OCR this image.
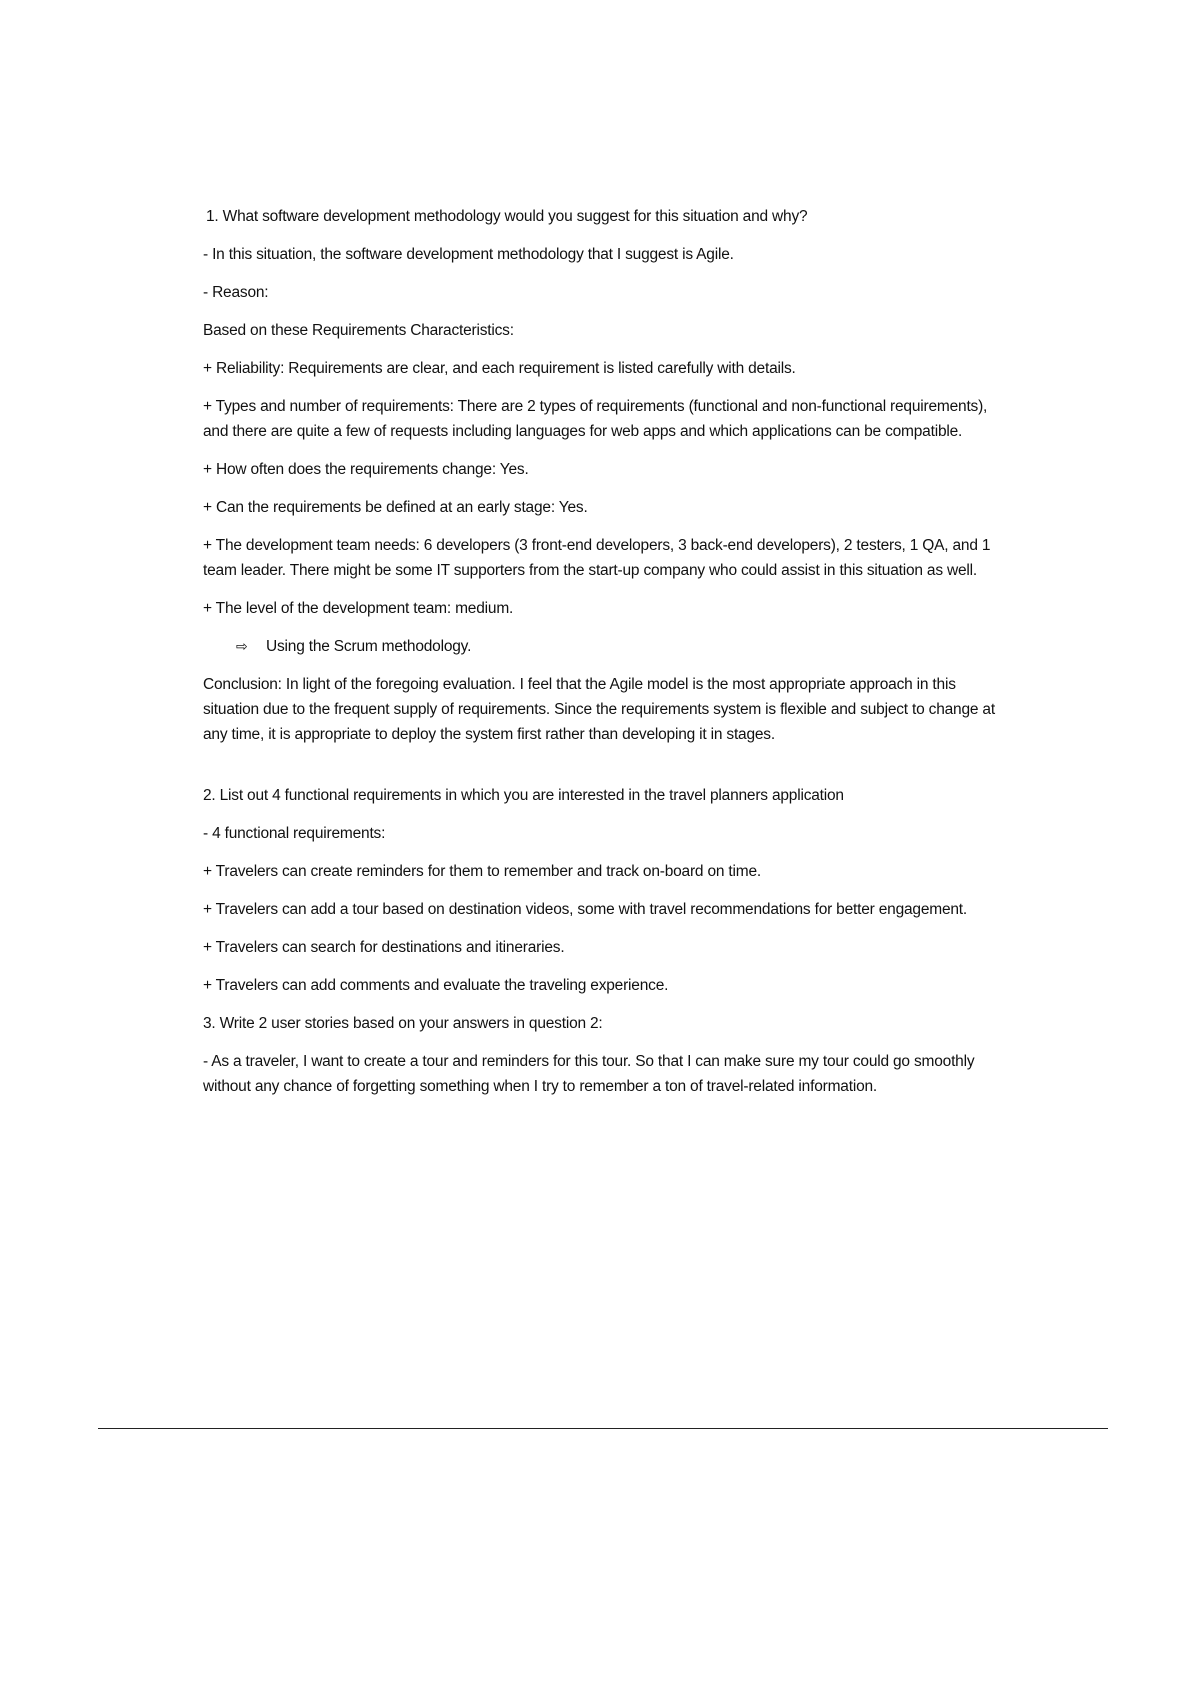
1. What software development methodology would you suggest for this situation and why?

- In this situation, the software development methodology that I suggest is Agile.

- Reason:

Based on these Requirements Characteristics:

+ Reliability: Requirements are clear, and each requirement is listed carefully with details.

+ Types and number of requirements: There are 2 types of requirements (functional and non-functional requirements), and there are quite a few of requests including languages for web apps and which applications can be compatible.

+ How often does the requirements change: Yes.

+ Can the requirements be defined at an early stage: Yes.

+ The development team needs: 6 developers (3 front-end developers, 3 back-end developers), 2 testers, 1 QA, and 1 team leader. There might be some IT supporters from the start-up company who could assist in this situation as well.

+ The level of the development team: medium.

⇨	Using the Scrum methodology.

Conclusion: In light of the foregoing evaluation. I feel that the Agile model is the most appropriate approach in this situation due to the frequent supply of requirements. Since the requirements system is flexible and subject to change at any time, it is appropriate to deploy the system first rather than developing it in stages.

2. List out 4 functional requirements in which you are interested in the travel planners application

- 4 functional requirements:

+ Travelers can create reminders for them to remember and track on-board on time.

+ Travelers can add a tour based on destination videos, some with travel recommendations for better engagement.

+ Travelers can search for destinations and itineraries.

+ Travelers can add comments and evaluate the traveling experience.

3. Write 2 user stories based on your answers in question 2:

- As a traveler, I want to create a tour and reminders for this tour. So that I can make sure my tour could go smoothly without any chance of forgetting something when I try to remember a ton of travel-related information.
